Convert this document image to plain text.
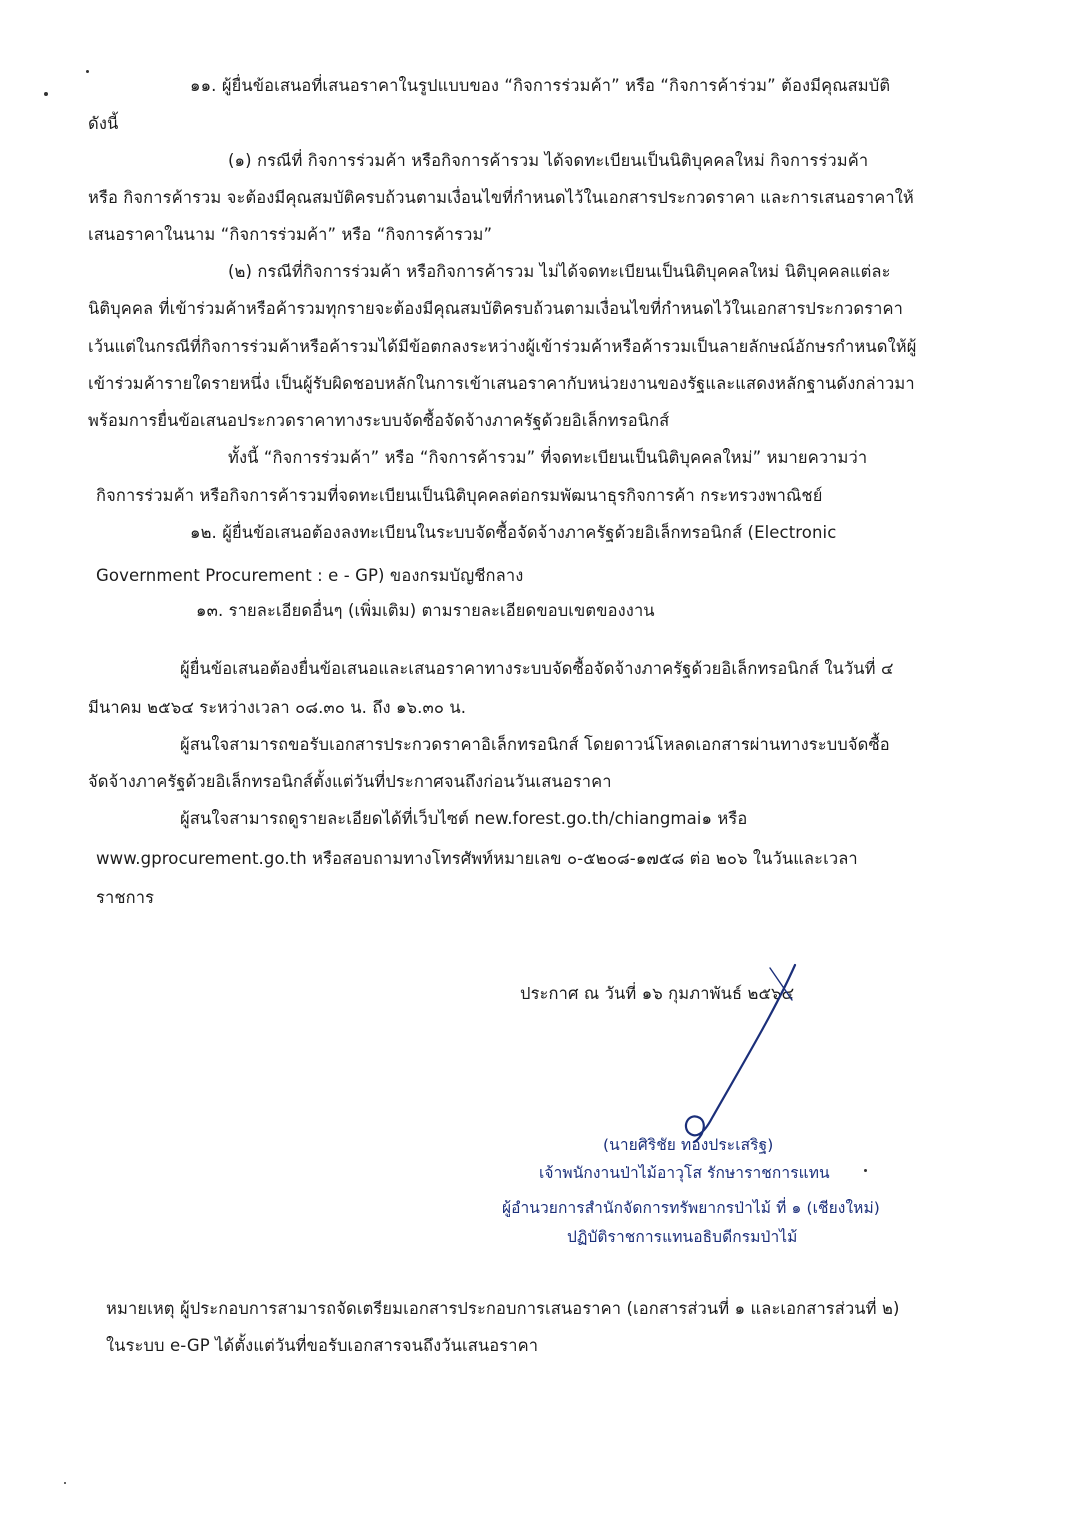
๑๑. ผู้ยื่นข้อเสนอที่เสนอราคาในรูปแบบของ “กิจการร่วมค้า” หรือ “กิจการค้าร่วม” ต้องมีคุณสมบัติ
ดังนี้
(๑) กรณีที่ กิจการร่วมค้า หรือกิจการค้ารวม ได้จดทะเบียนเป็นนิติบุคคลใหม่ กิจการร่วมค้า
หรือ กิจการค้ารวม จะต้องมีคุณสมบัติครบถ้วนตามเงื่อนไขที่กำหนดไว้ในเอกสารประกวดราคา และการเสนอราคาให้
เสนอราคาในนาม “กิจการร่วมค้า” หรือ “กิจการค้ารวม”
(๒) กรณีที่กิจการร่วมค้า หรือกิจการค้ารวม ไม่ได้จดทะเบียนเป็นนิติบุคคลใหม่ นิติบุคคลแต่ละ
นิติบุคคล ที่เข้าร่วมค้าหรือค้ารวมทุกรายจะต้องมีคุณสมบัติครบถ้วนตามเงื่อนไขที่กำหนดไว้ในเอกสารประกวดราคา
เว้นแต่ในกรณีที่กิจการร่วมค้าหรือค้ารวมได้มีข้อตกลงระหว่างผู้เข้าร่วมค้าหรือค้ารวมเป็นลายลักษณ์อักษรกำหนดให้ผู้
เข้าร่วมค้ารายใดรายหนึ่ง เป็นผู้รับผิดชอบหลักในการเข้าเสนอราคากับหน่วยงานของรัฐและแสดงหลักฐานดังกล่าวมา
พร้อมการยื่นข้อเสนอประกวดราคาทางระบบจัดซื้อจัดจ้างภาครัฐด้วยอิเล็กทรอนิกส์
ทั้งนี้ “กิจการร่วมค้า” หรือ “กิจการค้ารวม” ที่จดทะเบียนเป็นนิติบุคคลใหม่” หมายความว่า
กิจการร่วมค้า หรือกิจการค้ารวมที่จดทะเบียนเป็นนิติบุคคลต่อกรมพัฒนาธุรกิจการค้า กระทรวงพาณิชย์
๑๒. ผู้ยื่นข้อเสนอต้องลงทะเบียนในระบบจัดซื้อจัดจ้างภาครัฐด้วยอิเล็กทรอนิกส์ (Electronic
Government Procurement : e - GP) ของกรมบัญชีกลาง
๑๓. รายละเอียดอื่นๆ (เพิ่มเติม) ตามรายละเอียดขอบเขตของงาน
ผู้ยื่นข้อเสนอต้องยื่นข้อเสนอและเสนอราคาทางระบบจัดซื้อจัดจ้างภาครัฐด้วยอิเล็กทรอนิกส์ ในวันที่ ๔
มีนาคม ๒๕๖๔ ระหว่างเวลา ๐๘.๓๐ น. ถึง ๑๖.๓๐ น.
ผู้สนใจสามารถขอรับเอกสารประกวดราคาอิเล็กทรอนิกส์ โดยดาวน์โหลดเอกสารผ่านทางระบบจัดซื้อ
จัดจ้างภาครัฐด้วยอิเล็กทรอนิกส์ตั้งแต่วันที่ประกาศจนถึงก่อนวันเสนอราคา
ผู้สนใจสามารถดูรายละเอียดได้ที่เว็บไซต์ new.forest.go.th/chiangmai๑ หรือ
www.gprocurement.go.th หรือสอบถามทางโทรศัพท์หมายเลข ๐-๕๒๐๘-๑๗๕๘ ต่อ ๒๐๖ ในวันและเวลา
ราชการ
ประกาศ ณ วันที่ ๑๖ กุมภาพันธ์ ๒๕๖๔
(นายศิริชัย ทองประเสริฐ)
เจ้าพนักงานป่าไม้อาวุโส รักษาราชการแทน
ผู้อำนวยการสำนักจัดการทรัพยากรป่าไม้ ที่ ๑ (เชียงใหม่)
ปฏิบัติราชการแทนอธิบดีกรมป่าไม้
หมายเหตุ ผู้ประกอบการสามารถจัดเตรียมเอกสารประกอบการเสนอราคา (เอกสารส่วนที่ ๑ และเอกสารส่วนที่ ๒)
ในระบบ e-GP ได้ตั้งแต่วันที่ขอรับเอกสารจนถึงวันเสนอราคา
